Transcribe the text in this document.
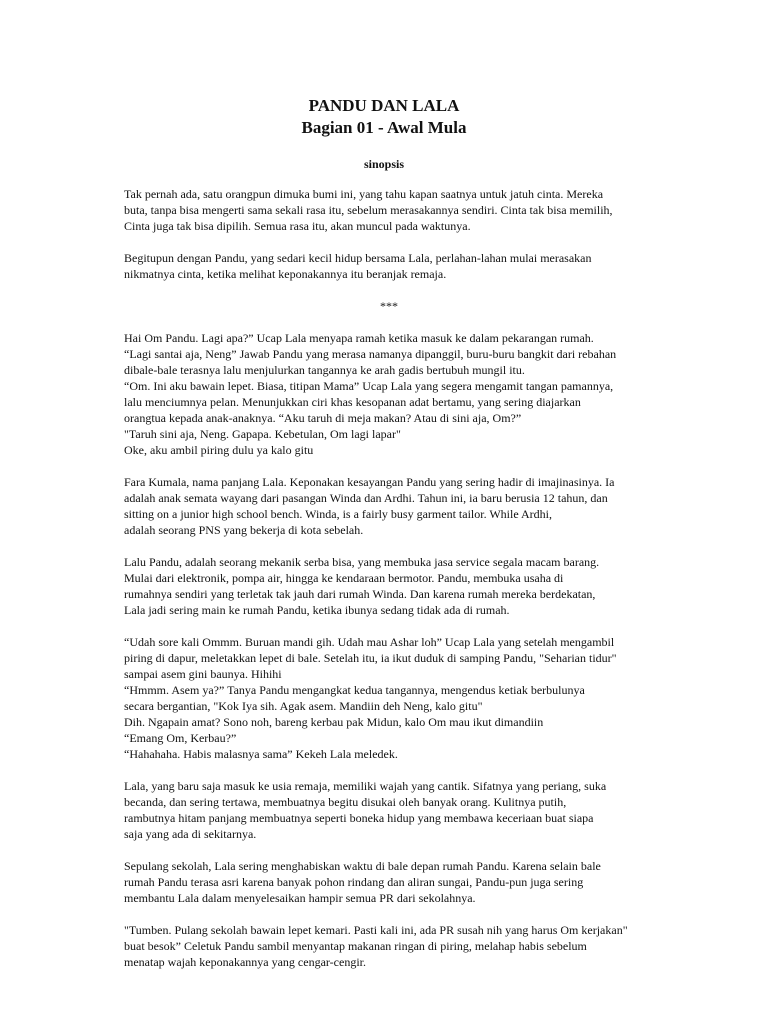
PANDU DAN LALA

Bagian 01 - Awal Mula

sinopsis
Tak pernah ada, satu orangpun dimuka bumi ini, yang tahu kapan saatnya untuk jatuh cinta. Mereka
buta, tanpa bisa mengerti sama sekali rasa itu, sebelum merasakannya sendiri. Cinta tak bisa memilih,
Cinta juga tak bisa dipilih. Semua rasa itu, akan muncul pada waktunya.
Begitupun dengan Pandu, yang sedari kecil hidup bersama Lala, perlahan-lahan mulai merasakan
nikmatnya cinta, ketika melihat keponakannya itu beranjak remaja.
***
Hai Om Pandu. Lagi apa?” Ucap Lala menyapa ramah ketika masuk ke dalam pekarangan rumah.
“Lagi santai aja, Neng” Jawab Pandu yang merasa namanya dipanggil, buru-buru bangkit dari rebahan
dibale-bale terasnya lalu menjulurkan tangannya ke arah gadis bertubuh mungil itu.
“Om. Ini aku bawain lepet. Biasa, titipan Mama” Ucap Lala yang segera mengamit tangan pamannya,
lalu menciumnya pelan. Menunjukkan ciri khas kesopanan adat bertamu, yang sering diajarkan
orangtua kepada anak-anaknya. “Aku taruh di meja makan? Atau di sini aja, Om?”
"Taruh sini aja, Neng. Gapapa. Kebetulan, Om lagi lapar"
Oke, aku ambil piring dulu ya kalo gitu
Fara Kumala, nama panjang Lala. Keponakan kesayangan Pandu yang sering hadir di imajinasinya. Ia
adalah anak semata wayang dari pasangan Winda dan Ardhi. Tahun ini, ia baru berusia 12 tahun, dan
sitting on a junior high school bench. Winda, is a fairly busy garment tailor. While Ardhi,
adalah seorang PNS yang bekerja di kota sebelah.
Lalu Pandu, adalah seorang mekanik serba bisa, yang membuka jasa service segala macam barang.
Mulai dari elektronik, pompa air, hingga ke kendaraan bermotor. Pandu, membuka usaha di
rumahnya sendiri yang terletak tak jauh dari rumah Winda. Dan karena rumah mereka berdekatan,
Lala jadi sering main ke rumah Pandu, ketika ibunya sedang tidak ada di rumah.
“Udah sore kali Ommm. Buruan mandi gih. Udah mau Ashar loh” Ucap Lala yang setelah mengambil
piring di dapur, meletakkan lepet di bale. Setelah itu, ia ikut duduk di samping Pandu, "Seharian tidur"
sampai asem gini baunya. Hihihi
“Hmmm. Asem ya?” Tanya Pandu mengangkat kedua tangannya, mengendus ketiak berbulunya
secara bergantian, "Kok Iya sih. Agak asem. Mandiin deh Neng, kalo gitu"
Dih. Ngapain amat? Sono noh, bareng kerbau pak Midun, kalo Om mau ikut dimandiin
“Emang Om, Kerbau?”
“Hahahaha. Habis malasnya sama” Kekeh Lala meledek.
Lala, yang baru saja masuk ke usia remaja, memiliki wajah yang cantik. Sifatnya yang periang, suka
becanda, dan sering tertawa, membuatnya begitu disukai oleh banyak orang. Kulitnya putih,
rambutnya hitam panjang membuatnya seperti boneka hidup yang membawa keceriaan buat siapa
saja yang ada di sekitarnya.
Sepulang sekolah, Lala sering menghabiskan waktu di bale depan rumah Pandu. Karena selain bale
rumah Pandu terasa asri karena banyak pohon rindang dan aliran sungai, Pandu-pun juga sering
membantu Lala dalam menyelesaikan hampir semua PR dari sekolahnya.
"Tumben. Pulang sekolah bawain lepet kemari. Pasti kali ini, ada PR susah nih yang harus Om kerjakan"
buat besok” Celetuk Pandu sambil menyantap makanan ringan di piring, melahap habis sebelum
menatap wajah keponakannya yang cengar-cengir.
